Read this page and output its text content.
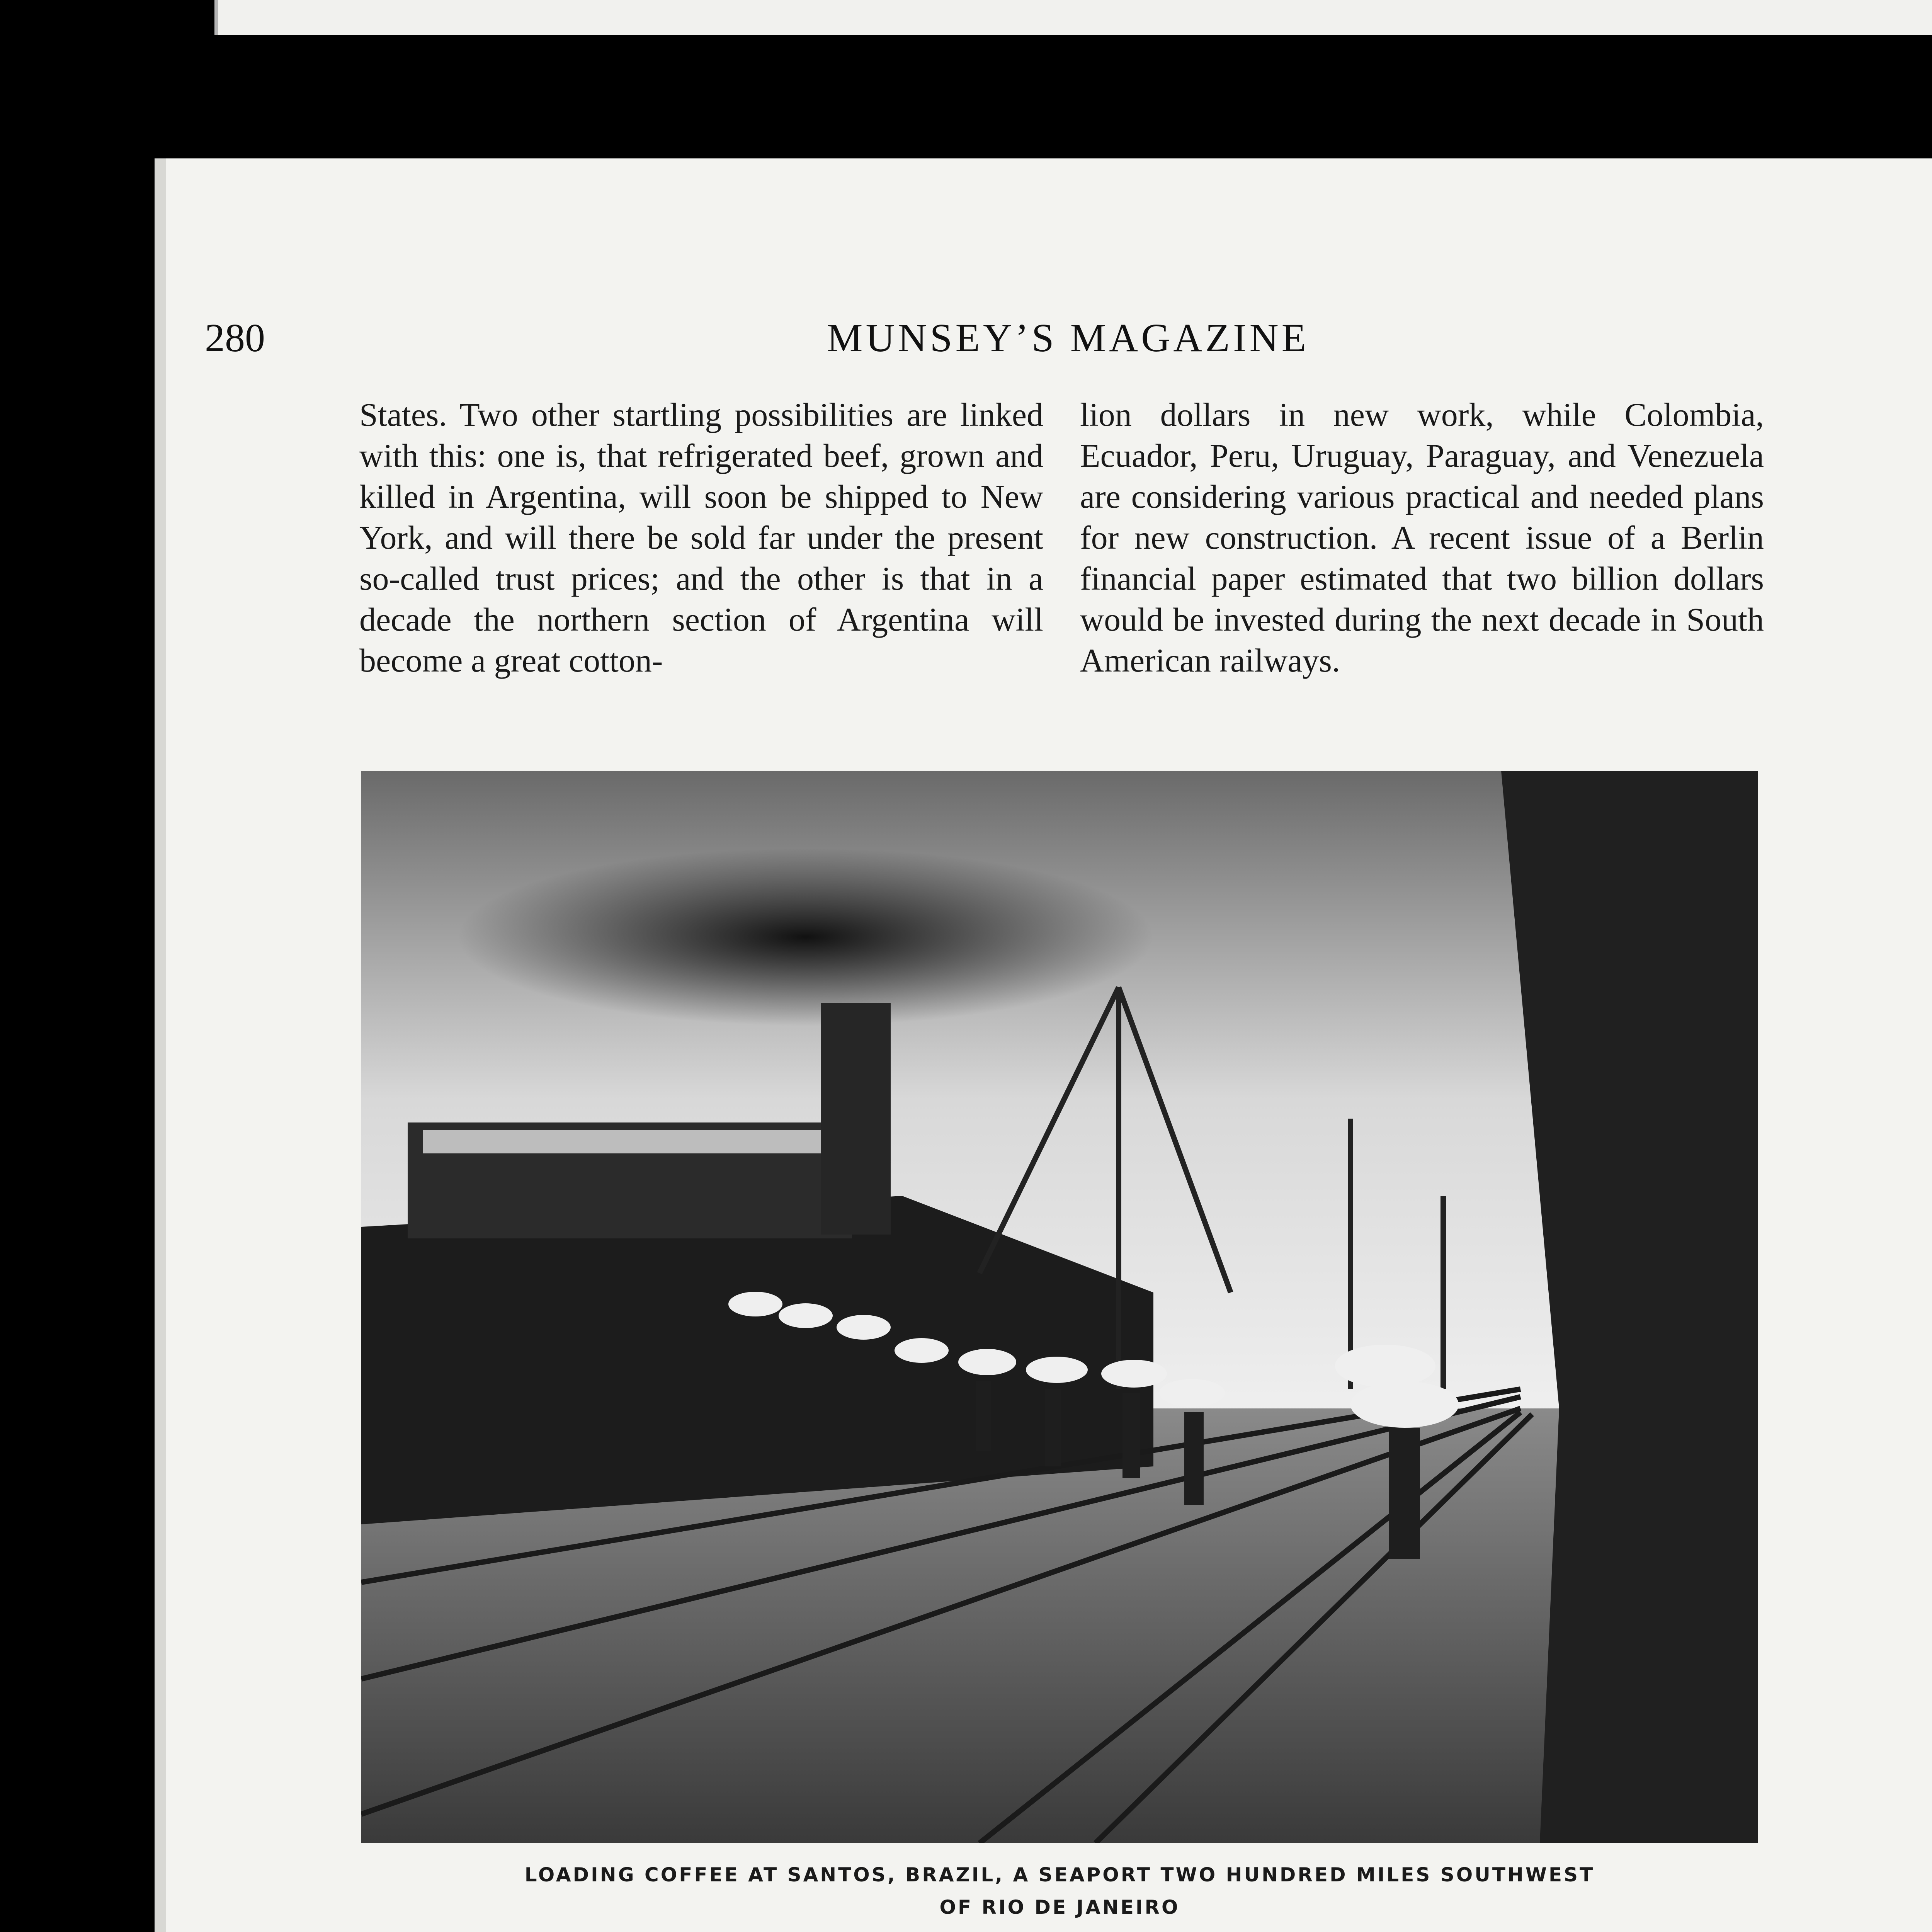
280	MUNSEY’S MAGAZINE

States. Two other startling possibilities are linked with this: one is, that refrigerated beef, grown and killed in Argentina, will soon be shipped to New York, and will there be sold far under the present so-called trust prices; and the other is that in a decade the northern section of Argentina will become a great cotton-

lion dollars in new work, while Colombia, Ecuador, Peru, Uruguay, Paraguay, and Venezuela are considering various practical and needed plans for new construction. A recent issue of a Berlin financial paper estimated that two billion dollars would be invested during the next decade in South American railways.

LOADING COFFEE AT SANTOS, BRAZIL, A SEAPORT TWO HUNDRED MILES SOUTHWEST
OF RIO DE JANEIRO
